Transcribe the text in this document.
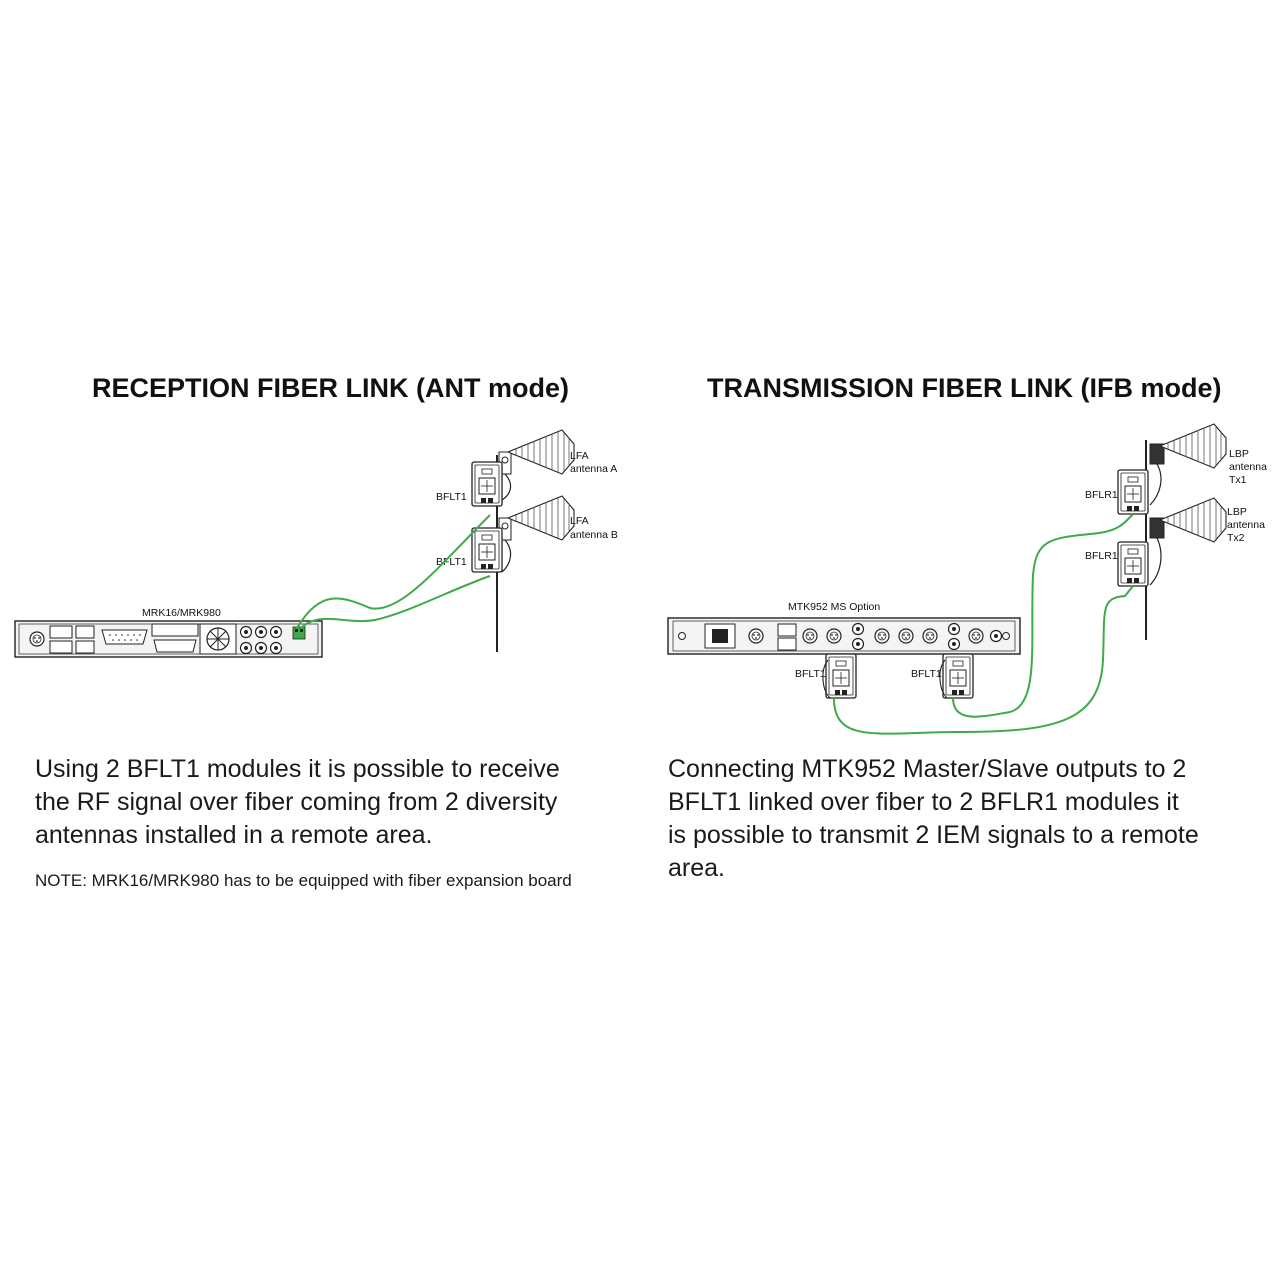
RECEPTION FIBER LINK (ANT mode)	TRANSMISSION FIBER LINK (IFB mode)
BFLT1
BFLT1
LFA
antenna A
LFA
antenna B
MRK16/MRK980
BFLR1
BFLR1
LBP
antenna
Tx1
LBP
antenna
Tx2
MTK952 MS Option
BFLT1	BFLT1
Using 2 BFLT1 modules it is possible to receive
the RF signal over fiber coming from 2 diversity
antennas installed in a remote area.
NOTE: MRK16/MRK980 has to be equipped with fiber expansion board
Connecting MTK952 Master/Slave outputs to 2
BFLT1 linked over fiber to 2 BFLR1 modules it
is possible to transmit 2 IEM signals to a remote
area.
